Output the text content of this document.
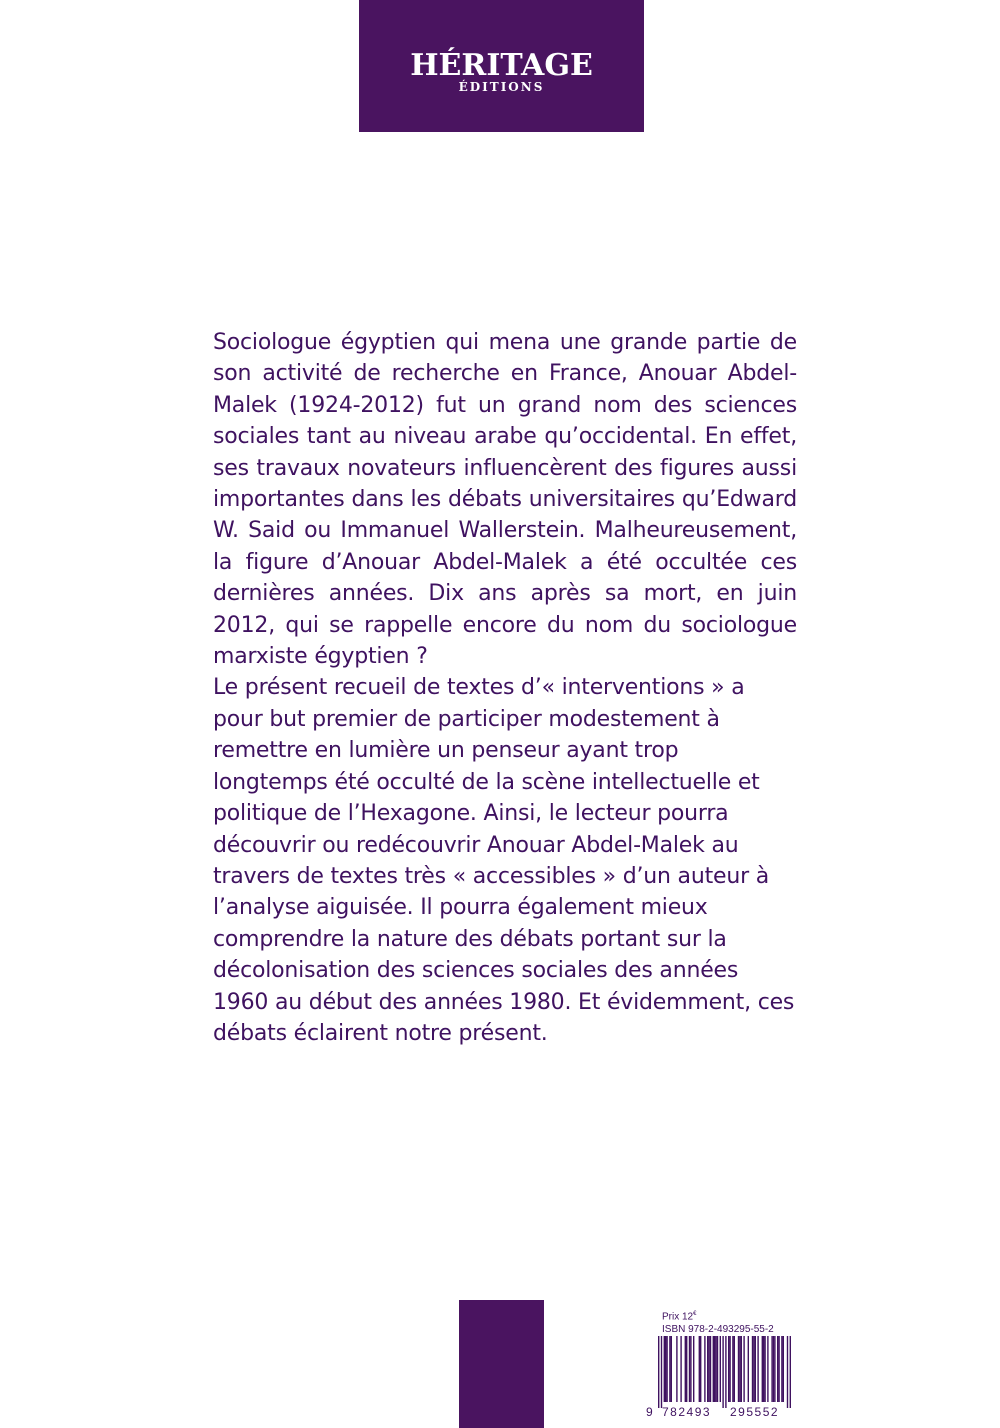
HÉRITAGE
ÉDITIONS

Sociologue égyptien qui mena une grande partie de son activité de recherche en France, Anouar Abdel-Malek (1924-2012) fut un grand nom des sciences sociales tant au niveau arabe qu’occidental. En effet, ses travaux novateurs influencèrent des figures aussi importantes dans les débats universitaires qu’Edward W. Said ou Immanuel Wallerstein. Malheureusement, la figure d’Anouar Abdel-Malek a été occultée ces dernières années. Dix ans après sa mort, en juin 2012, qui se rappelle encore du nom du sociologue marxiste égyptien ?

Le présent recueil de textes d’« interventions » a pour but premier de participer modestement à remettre en lumière un penseur ayant trop longtemps été occulté de la scène intellectuelle et politique de l’Hexagone. Ainsi, le lecteur pourra découvrir ou redécouvrir Anouar Abdel-Malek au travers de textes très « accessibles » d’un auteur à l’analyse aiguisée. Il pourra également mieux comprendre la nature des débats portant sur la décolonisation des sciences sociales des années 1960 au début des années 1980. Et évidemment, ces débats éclairent notre présent.

Prix 12€
ISBN 978-2-493295-55-2
9 782493 295552
